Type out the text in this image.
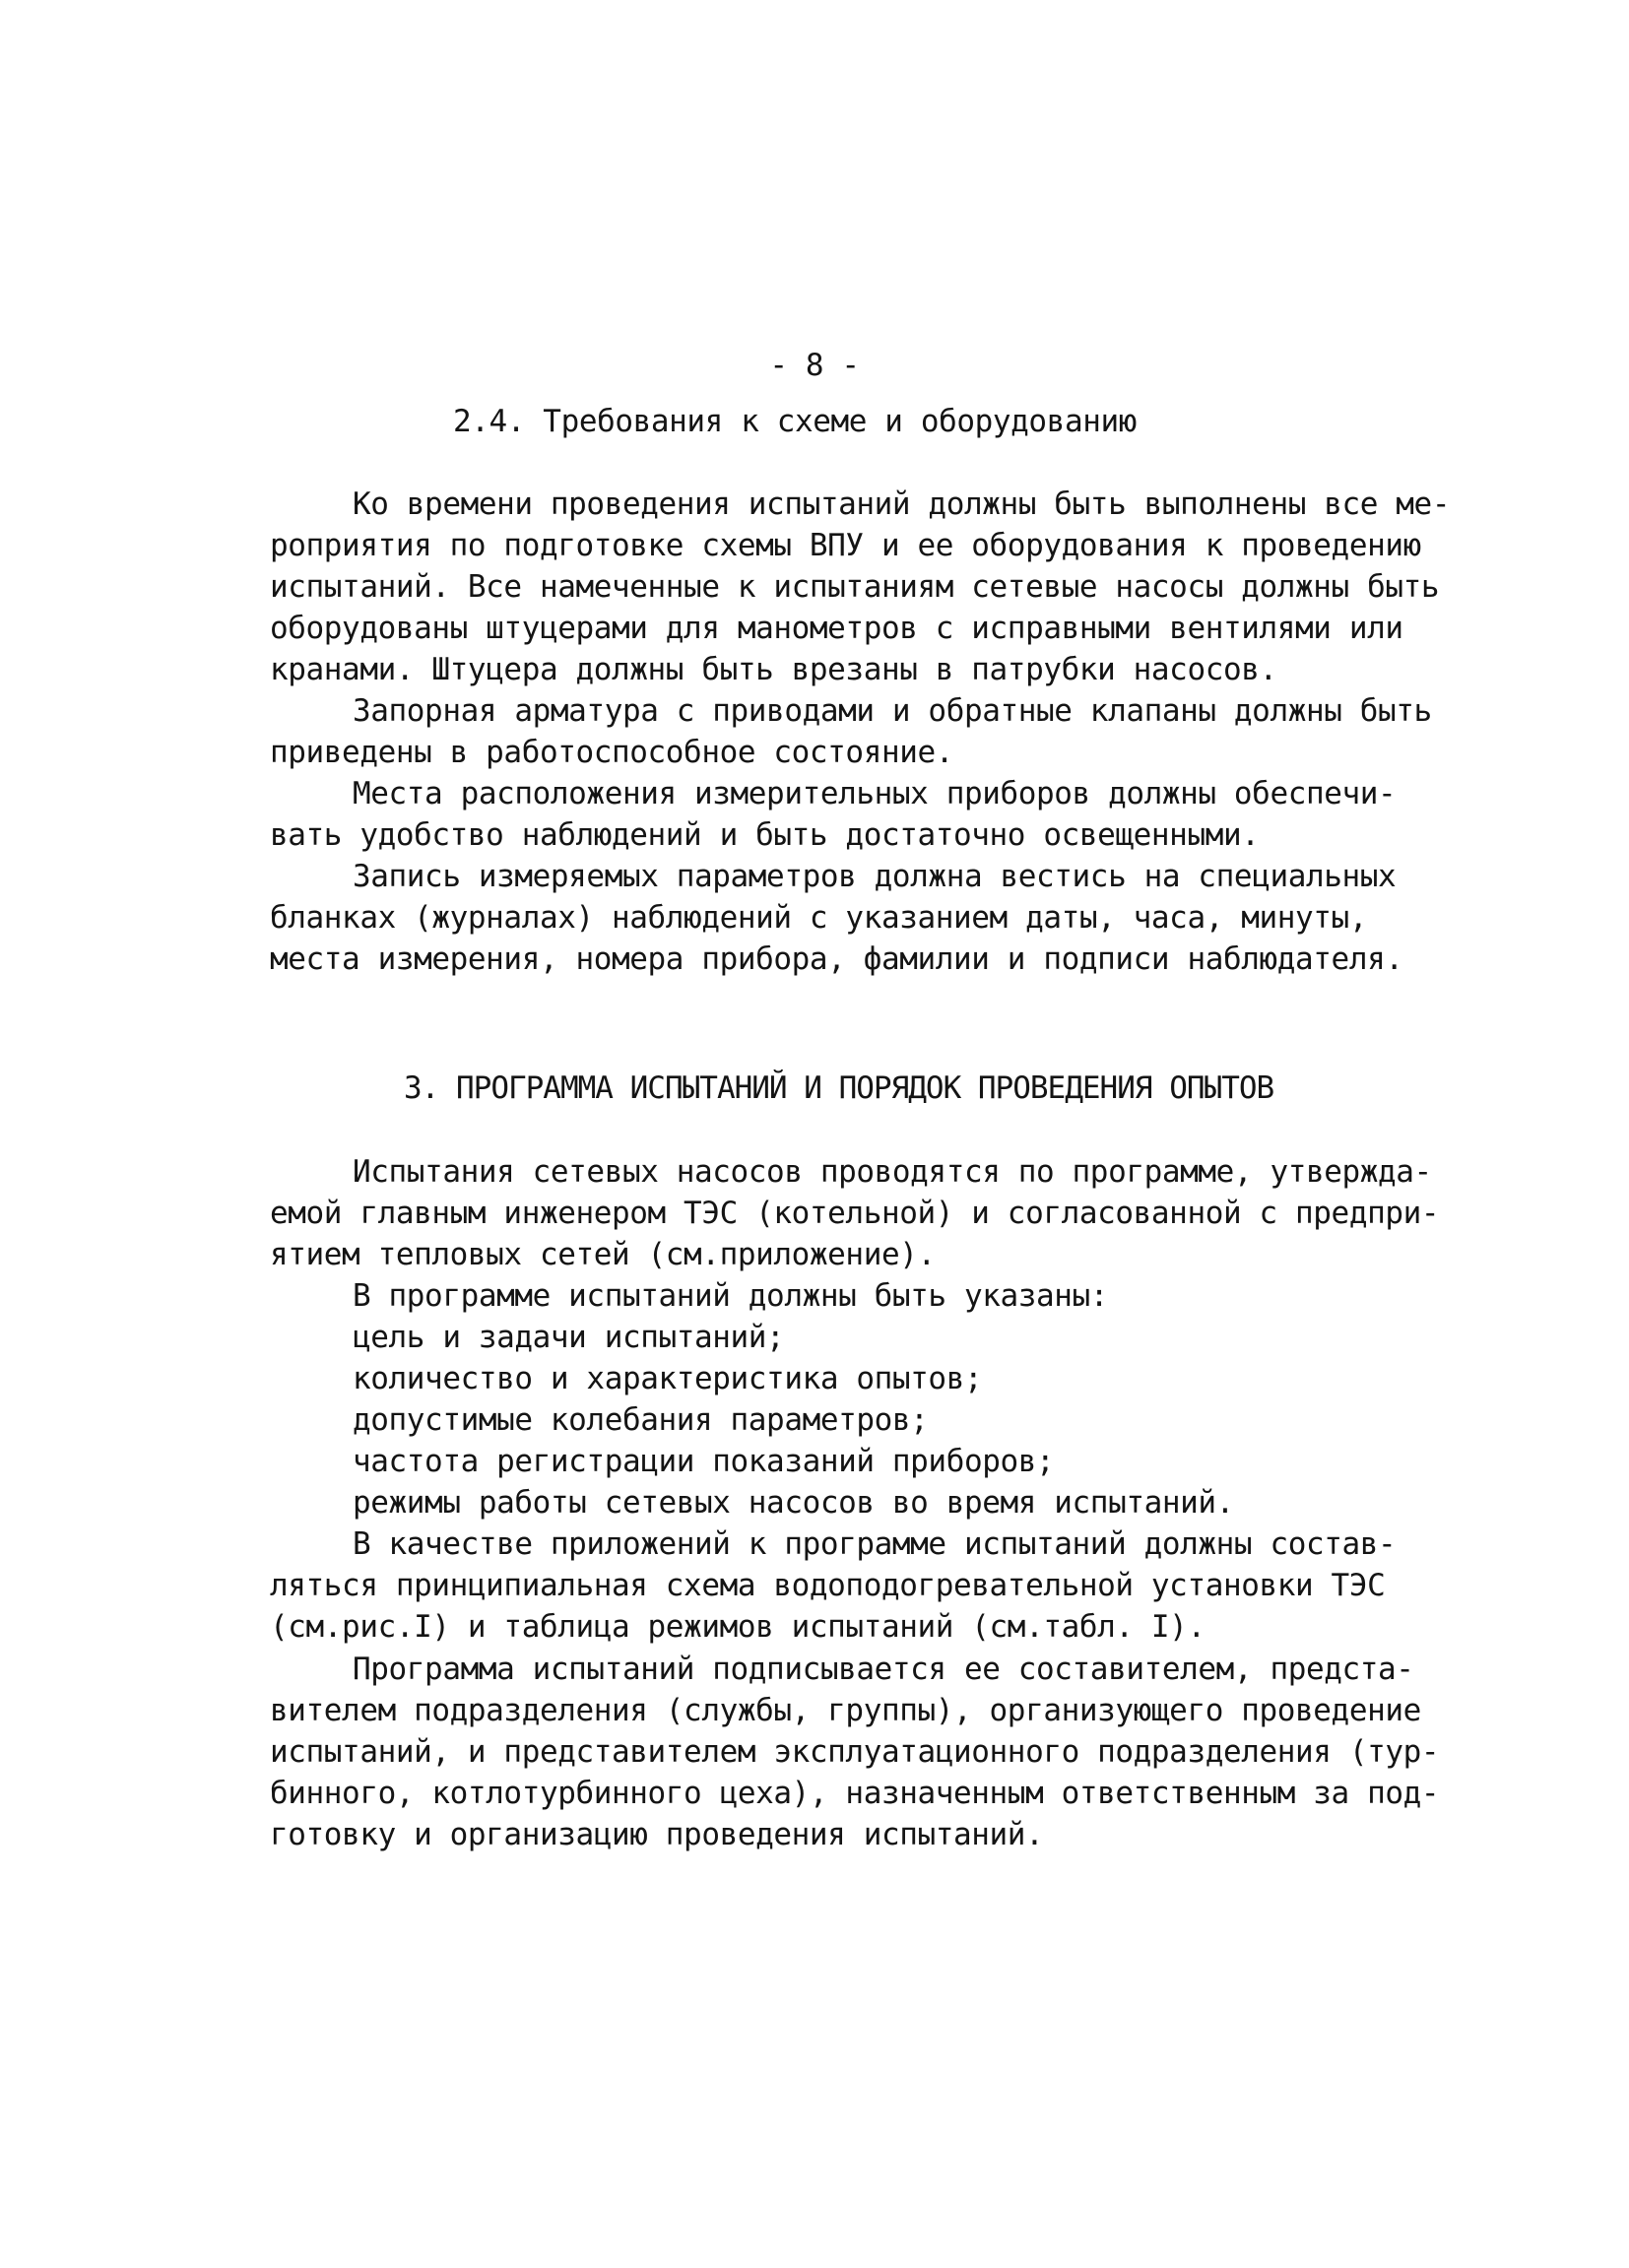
- 8 -
2.4. Требования к схеме и оборудованию
Ко времени проведения испытаний должны быть выполнены все ме-
роприятия по подготовке схемы ВПУ и ее оборудования к проведению
испытаний. Все намеченные к испытаниям сетевые насосы должны быть
оборудованы штуцерами для манометров с исправными вентилями или
кранами. Штуцера должны быть врезаны в патрубки насосов.
Запорная арматура с приводами и обратные клапаны должны быть
приведены в работоспособное состояние.
Места расположения измерительных приборов должны обеспечи-
вать удобство наблюдений и быть достаточно освещенными.
Запись измеряемых параметров должна вестись на специальных
бланках (журналах) наблюдений с указанием даты, часа, минуты,
места измерения, номера прибора, фамилии и подписи наблюдателя.
3. ПРОГРАММА ИСПЫТАНИЙ И ПОРЯДОК ПРОВЕДЕНИЯ ОПЫТОВ
Испытания сетевых насосов проводятся по программе, утвержда-
емой главным инженером ТЭС (котельной) и согласованной с предпри-
ятием тепловых сетей (см.приложение).
В программе испытаний должны быть указаны:
цель и задачи испытаний;
количество и характеристика опытов;
допустимые колебания параметров;
частота регистрации показаний приборов;
режимы работы сетевых насосов во время испытаний.
В качестве приложений к программе испытаний должны состав-
ляться принципиальная схема водоподогревательной установки ТЭС
(см.рис.I) и таблица режимов испытаний (см.табл. I).
Программа испытаний подписывается ее составителем, предста-
вителем подразделения (службы, группы), организующего проведение
испытаний, и представителем эксплуатационного подразделения (тур-
бинного, котлотурбинного цеха), назначенным ответственным за под-
готовку и организацию проведения испытаний.
